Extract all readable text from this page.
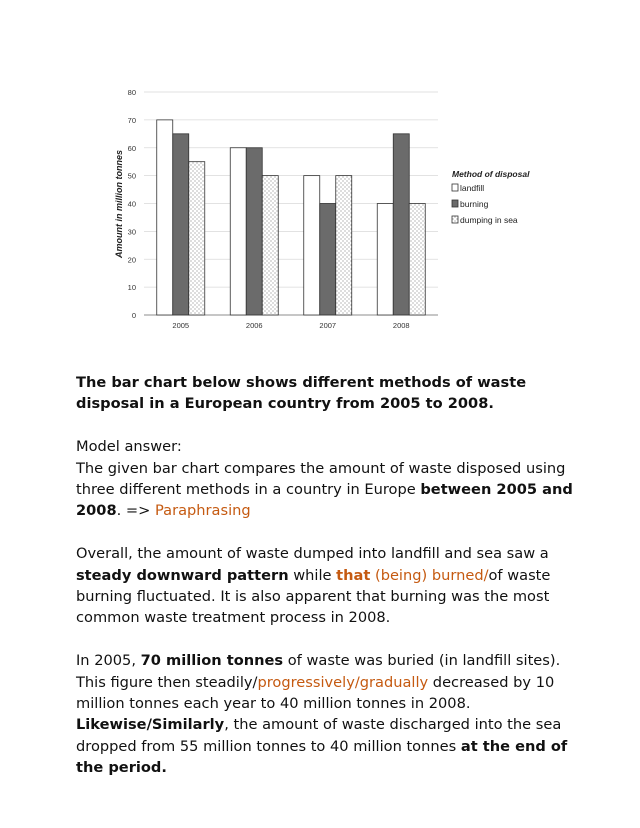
0
10
20
30
40
50
60
70
80
2005	2006	2007	2008
Amount in million tonnes	Method of disposal
landfill
burning
dumping in sea

The bar chart below shows different methods of waste disposal in a European country from 2005 to 2008.

Model answer:
The given bar chart compares the amount of waste disposed using three different methods in a country in Europe between 2005 and 2008. => Paraphrasing

Overall, the amount of waste dumped into landfill and sea saw a steady downward pattern while that (being) burned/of waste burning fluctuated. It is also apparent that burning was the most common waste treatment process in 2008.

In 2005, 70 million tonnes of waste was buried (in landfill sites). This figure then steadily/progressively/gradually decreased by 10 million tonnes each year to 40 million tonnes in 2008. Likewise/Similarly, the amount of waste discharged into the sea dropped from 55 million tonnes to 40 million tonnes at the end of the period.
